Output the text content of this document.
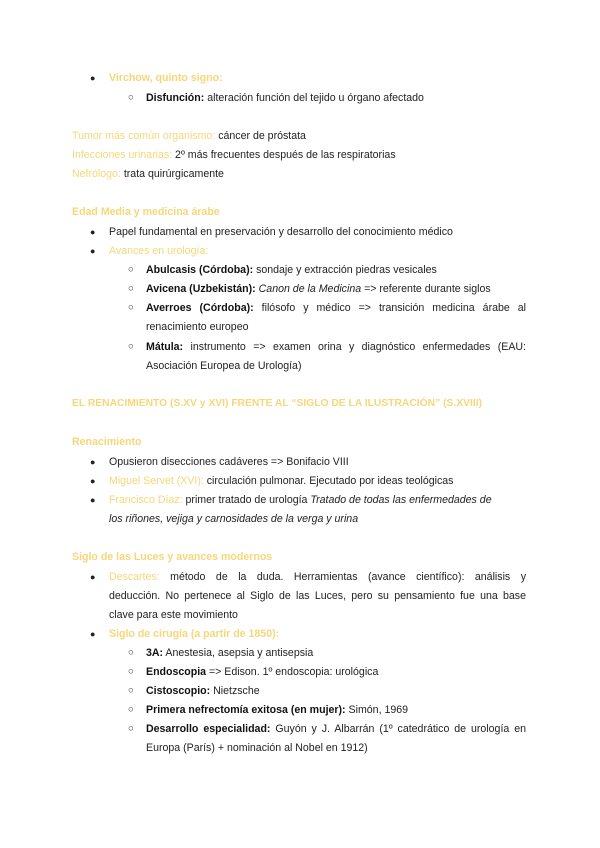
● Virchow, quinto signo:
○ Disfunción: alteración función del tejido u órgano afectado
Tumor más común organismo: cáncer de próstata
Infecciones urinarias: 2º más frecuentes después de las respiratorias
Nefrólogo: trata quirúrgicamente
Edad Media y medicina árabe
● Papel fundamental en preservación y desarrollo del conocimiento médico
● Avances en urología:
○ Abulcasis (Córdoba): sondaje y extracción piedras vesicales
○ Avicena (Uzbekistán): Canon de la Medicina => referente durante siglos
○ Averroes (Córdoba): filósofo y médico => transición medicina árabe al
renacimiento europeo
○ Mátula: instrumento => examen orina y diagnóstico enfermedades (EAU:
Asociación Europea de Urología)
EL RENACIMIENTO (S.XV y XVI) FRENTE AL “SIGLO DE LA ILUSTRACIÓN” (S.XVIII)
Renacimiento
● Opusieron disecciones cadáveres => Bonifacio VIII
● Miguel Servet (XVI): circulación pulmonar. Ejecutado por ideas teológicas
● Francisco Díaz: primer tratado de urología Tratado de todas las enfermedades de
los riñones, vejiga y carnosidades de la verga y urina
Siglo de las Luces y avances modernos
● Descartes: método de la duda. Herramientas (avance científico): análisis y
deducción. No pertenece al Siglo de las Luces, pero su pensamiento fue una base
clave para este movimiento
● Siglo de cirugía (a partir de 1850):
○ 3A: Anestesia, asepsia y antisepsia
○ Endoscopia => Edison. 1º endoscopia: urológica
○ Cistoscopio: Nietzsche
○ Primera nefrectomía exitosa (en mujer): Simón, 1969
○ Desarrollo especialidad: Guyón y J. Albarrán (1º catedrático de urología en
Europa (París) + nominación al Nobel en 1912)
